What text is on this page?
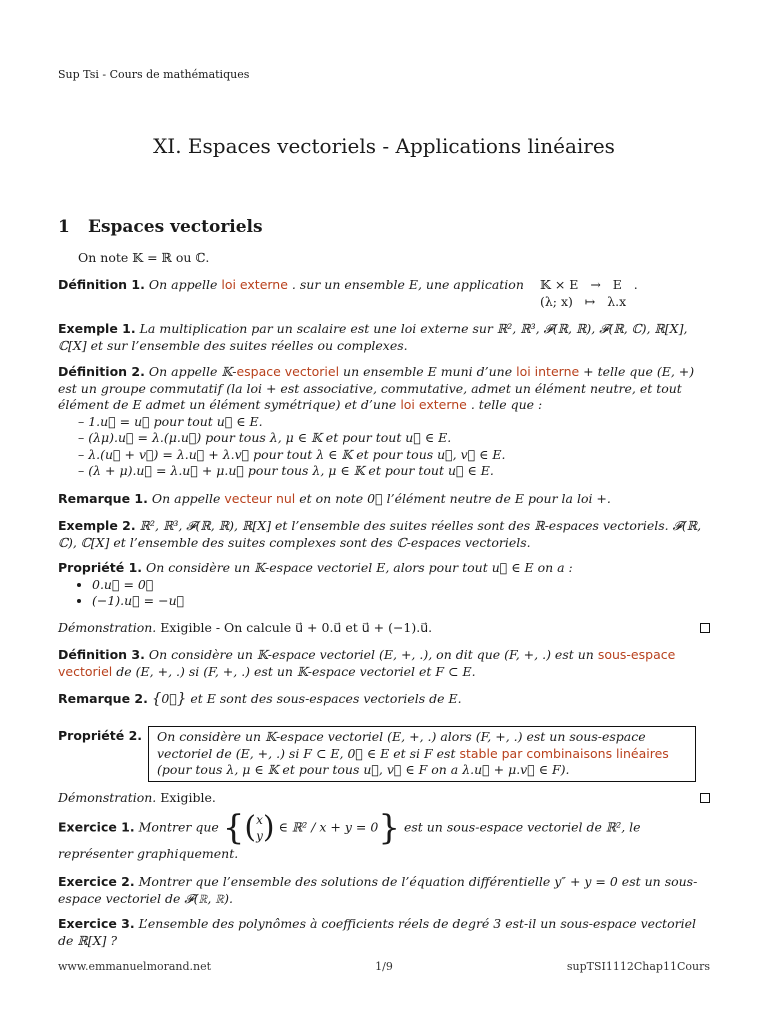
Sup Tsi - Cours de mathématiques
XI. Espaces vectoriels - Applications linéaires
1 Espaces vectoriels
On note 𝕂 = ℝ ou ℂ.
Définition 1. On appelle loi externe . sur un ensemble E, une application 𝕂 × E   →   E   .
(λ; x)   ↦   λ.x
Exemple 1. La multiplication par un scalaire est une loi externe sur ℝ², ℝ³, 𝓕(ℝ, ℝ), 𝓕(ℝ, ℂ), ℝ[X], ℂ[X] et sur l’ensemble des suites réelles ou complexes.
Définition 2. On appelle 𝕂-espace vectoriel un ensemble E muni d’une loi interne + telle que (E, +) est un groupe commutatif (la loi + est associative, commutative, admet un élément neutre, et tout élément de E admet un élément symétrique) et d’une loi externe . telle que :
– 1.u⃗ = u⃗ pour tout u⃗ ∈ E.
– (λμ).u⃗ = λ.(μ.u⃗) pour tous λ, μ ∈ 𝕂 et pour tout u⃗ ∈ E.
– λ.(u⃗ + v⃗) = λ.u⃗ + λ.v⃗ pour tout λ ∈ 𝕂 et pour tous u⃗, v⃗ ∈ E.
– (λ + μ).u⃗ = λ.u⃗ + μ.u⃗ pour tous λ, μ ∈ 𝕂 et pour tout u⃗ ∈ E.
Remarque 1. On appelle vecteur nul et on note 0⃗ l’élément neutre de E pour la loi +.
Exemple 2. ℝ², ℝ³, 𝓕(ℝ, ℝ), ℝ[X] et l’ensemble des suites réelles sont des ℝ-espaces vectoriels. 𝓕(ℝ, ℂ), ℂ[X] et l’ensemble des suites complexes sont des ℂ-espaces vectoriels.
Propriété 1. On considère un 𝕂-espace vectoriel E, alors pour tout u⃗ ∈ E on a :
• 0.u⃗ = 0⃗
• (−1).u⃗ = −u⃗
Démonstration. Exigible - On calcule u⃗ + 0.u⃗ et u⃗ + (−1).u⃗.
Définition 3. On considère un 𝕂-espace vectoriel (E, +, .), on dit que (F, +, .) est un sous-espace vectoriel de (E, +, .) si (F, +, .) est un 𝕂-espace vectoriel et F ⊂ E.
Remarque 2. {0⃗} et E sont des sous-espaces vectoriels de E.
Propriété 2.	On considère un 𝕂-espace vectoriel (E, +, .) alors (F, +, .) est un sous-espace vectoriel de (E, +, .) si F ⊂ E, 0⃗ ∈ E et si F est stable par combinaisons linéaires (pour tous λ, μ ∈ 𝕂 et pour tous u⃗, v⃗ ∈ F on a λ.u⃗ + μ.v⃗ ∈ F).
Démonstration. Exigible.
Exercice 1. Montrer que {( x
y ) ∈ ℝ² / x + y = 0} est un sous-espace vectoriel de ℝ², le représenter graphiquement.
Exercice 2. Montrer que l’ensemble des solutions de l’équation différentielle y″ + y = 0 est un sous-espace vectoriel de 𝓕(ℝ, ℝ).
Exercice 3. L’ensemble des polynômes à coefficients réels de degré 3 est-il un sous-espace vectoriel de ℝ[X] ?
www.emmanuelmorand.net	1/9	supTSI1112Chap11Cours
